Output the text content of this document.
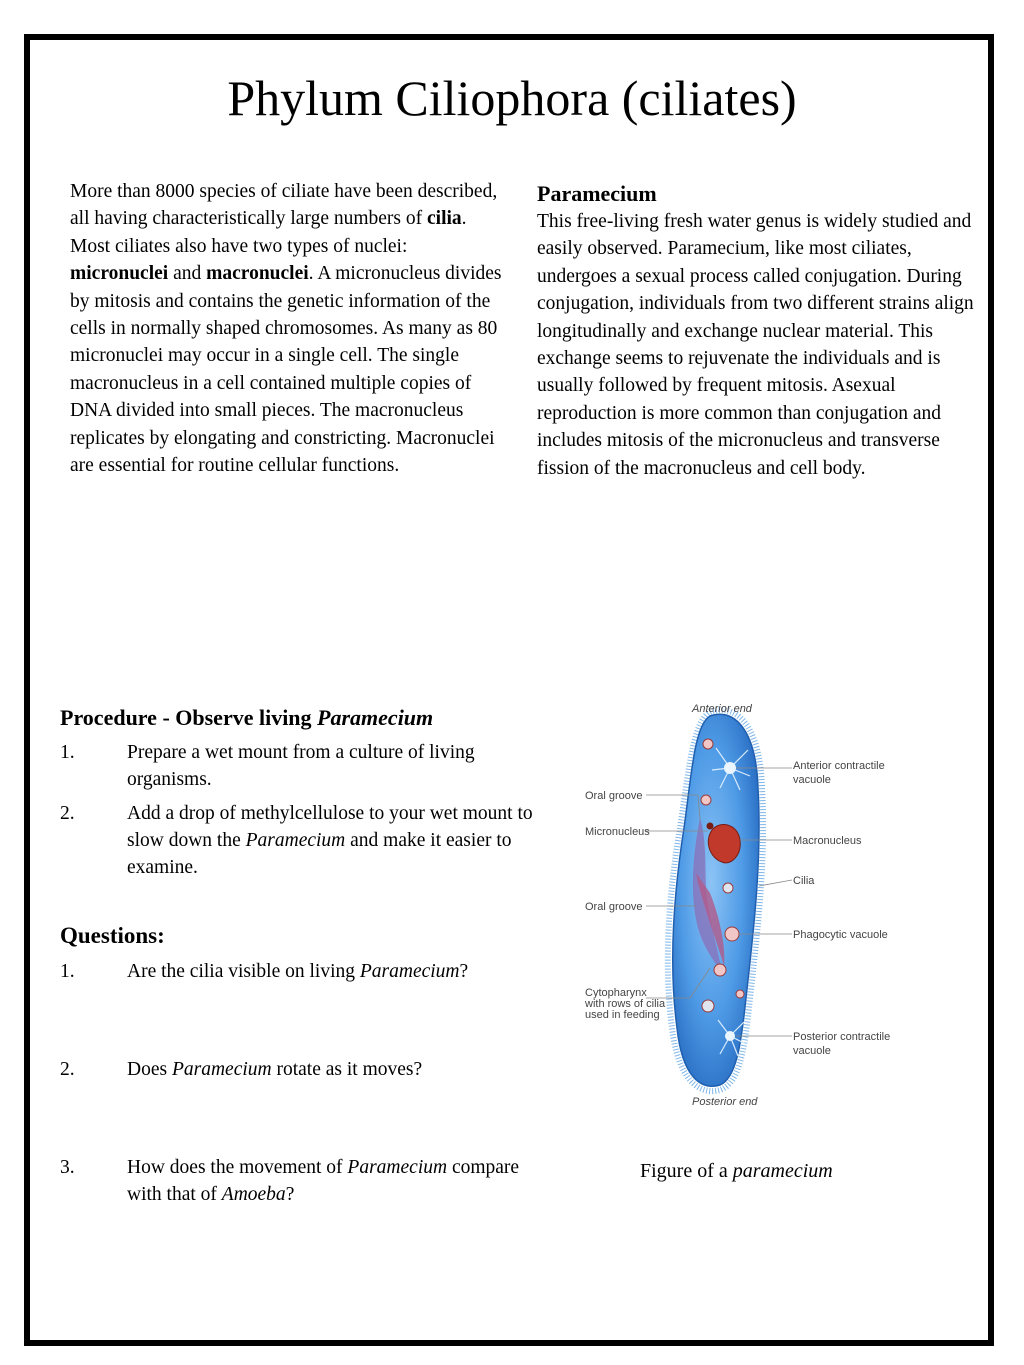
Phylum Ciliophora (ciliates)
More than 8000 species of ciliate have been described, all having characteristically large numbers of cilia. Most ciliates also have two types of nuclei: micronuclei and macronuclei. A micronucleus divides by mitosis and contains the genetic information of the cells in normally shaped chromosomes. As many as 80 micronuclei may occur in a single cell. The single macronucleus in a cell contained multiple copies of DNA divided into small pieces. The macronucleus replicates by elongating and constricting. Macronuclei are essential for routine cellular functions.
Paramecium
This free-living fresh water genus is widely studied and easily observed. Paramecium, like most ciliates, undergoes a sexual process called conjugation. During conjugation, individuals from two different strains align longitudinally and exchange nuclear material. This exchange seems to rejuvenate the individuals and is usually followed by frequent mitosis. Asexual reproduction is more common than conjugation and includes mitosis of the micronucleus and transverse fission of the macronucleus and cell body.
Procedure - Observe living Paramecium
1.	Prepare a wet mount from a culture of living organisms.
2.	Add a drop of methylcellulose to your wet mount to slow down the Paramecium and make it easier to examine.
Questions:
1.	Are the cilia visible on living Paramecium?
2.	Does Paramecium rotate as it moves?
3.	How does the movement of Paramecium compare with that of Amoeba?
Anterior end
Anterior contractile
vacuole
Oral groove
Micronucleus
Macronucleus
Cilia
Oral groove
Phagocytic vacuole
Cytopharynx
with rows of cilia
used in feeding
Posterior contractile
vacuole
Posterior end
Figure of a paramecium
